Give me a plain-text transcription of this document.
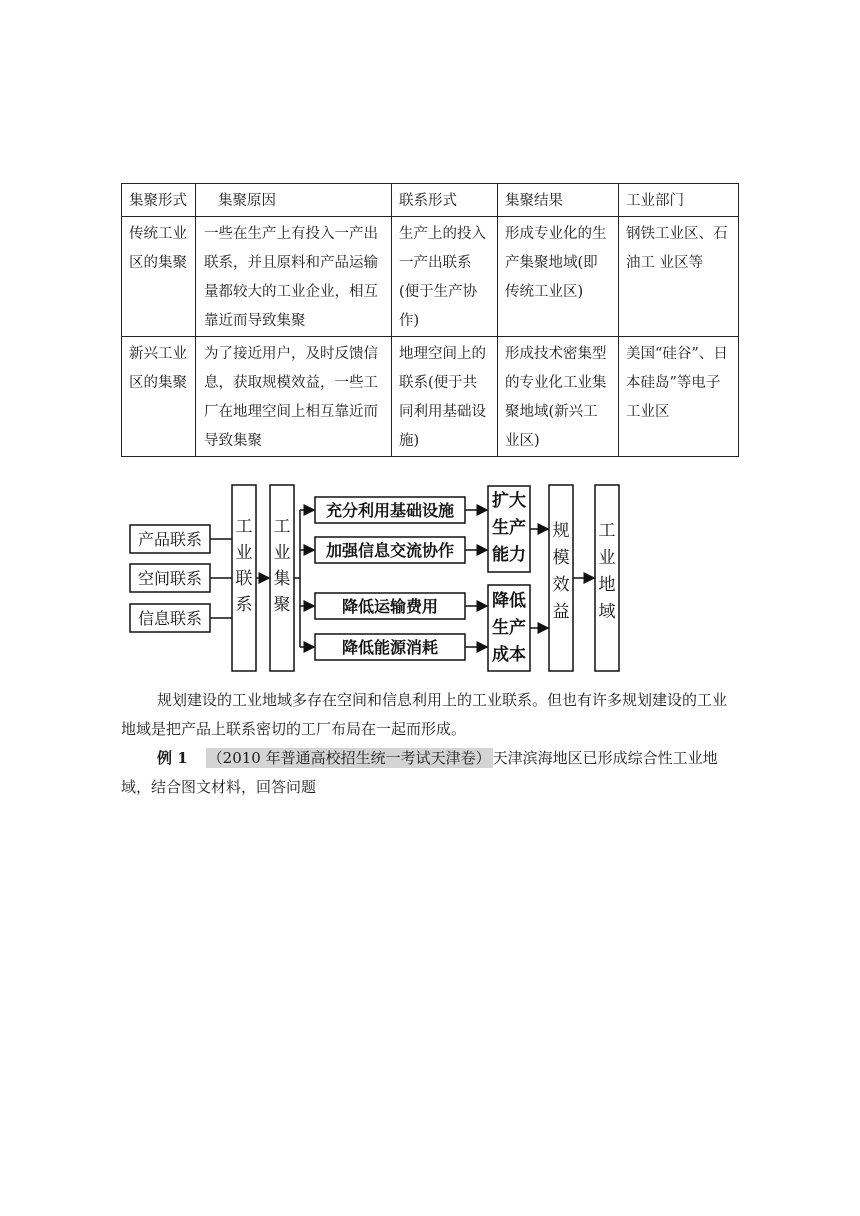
集聚形式	集聚原因	联系形式	集聚结果	工业部门
传统工业区的集聚	一些在生产上有投入一产出联系，并且原料和产品运输量都较大的工业企业，相互靠近而导致集聚	生产上的投入一产出联系(便于生产协作)	形成专业化的生产集聚地域(即传统工业区)	钢铁工业区、石油工 业区等
新兴工业区的集聚	为了接近用户，及时反馈信息，获取规模效益，一些工厂在地理空间上相互靠近而导致集聚	地理空间上的联系(便于共同利用基础设施)	形成技术密集型的专业化工业集聚地域(新兴工业区)	美国“硅谷”、日本硅岛”等电子工业区
产品联系
空间联系
信息联系
工
业
联
系
工
业
集
聚
规
模
效
益
工
业
地
域
充分利用基础设施
加强信息交流协作
降低运输费用
降低能源消耗
扩大
生产
能力
降低
生产
成本
规划建设的工业地域多存在空间和信息利用上的工业联系。但也有许多规划建设的工业地域是把产品上联系密切的工厂布局在一起而形成。
例 1 （2010 年普通高校招生统一考试天津卷） 天津滨海地区已形成综合性工业地域，结合图文材料，回答问题
